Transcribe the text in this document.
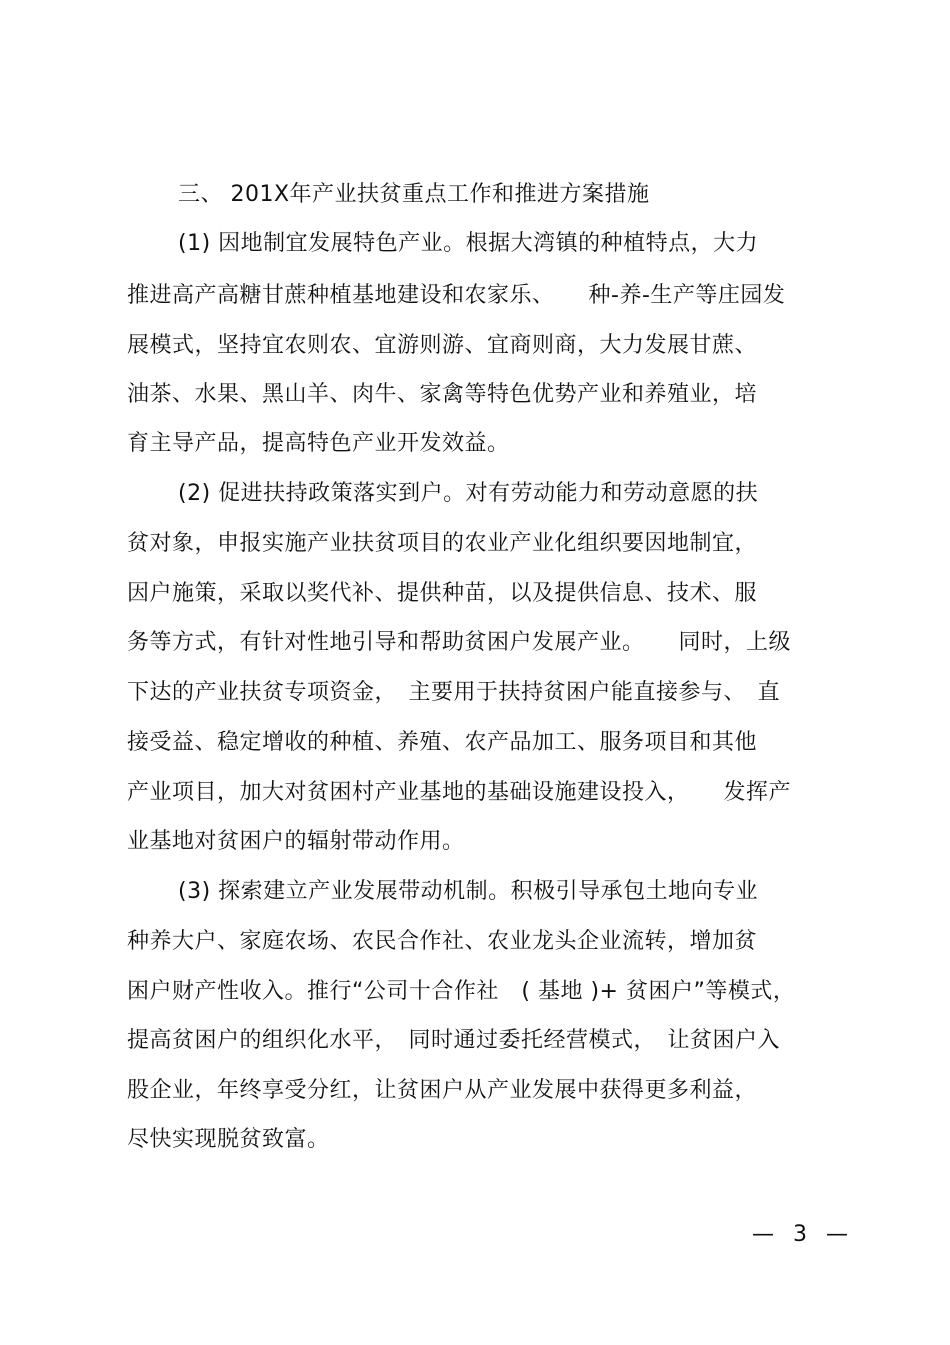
三、 201X年产业扶贫重点工作和推进方案措施
(1) 因地制宜发展特色产业。根据大湾镇的种植特点，大力
推进高产高糖甘蔗种植基地建设和农家乐、　　种-养-生产等庄园发
展模式，坚持宜农则农、宜游则游、宜商则商，大力发展甘蔗、
油茶、水果、黑山羊、肉牛、家禽等特色优势产业和养殖业，培
育主导产品，提高特色产业开发效益。
(2) 促进扶持政策落实到户。对有劳动能力和劳动意愿的扶
贫对象，申报实施产业扶贫项目的农业产业化组织要因地制宜，
因户施策，采取以奖代补、提供种苗，以及提供信息、技术、服
务等方式，有针对性地引导和帮助贫困户发展产业。　　同时，上级
下达的产业扶贫专项资金，　主要用于扶持贫困户能直接参与、　直
接受益、稳定增收的种植、养殖、农产品加工、服务项目和其他
产业项目，加大对贫困村产业基地的基础设施建设投入，　　发挥产
业基地对贫困户的辐射带动作用。
(3) 探索建立产业发展带动机制。积极引导承包土地向专业
种养大户、家庭农场、农民合作社、农业龙头企业流转，增加贫
困户财产性收入。推行“公司十合作社　( 基地 )+ 贫困户”等模式，
提高贫困户的组织化水平，　同时通过委托经营模式，　让贫困户入
股企业，年终享受分红，让贫困户从产业发展中获得更多利益，
尽快实现脱贫致富。
— 3 —
